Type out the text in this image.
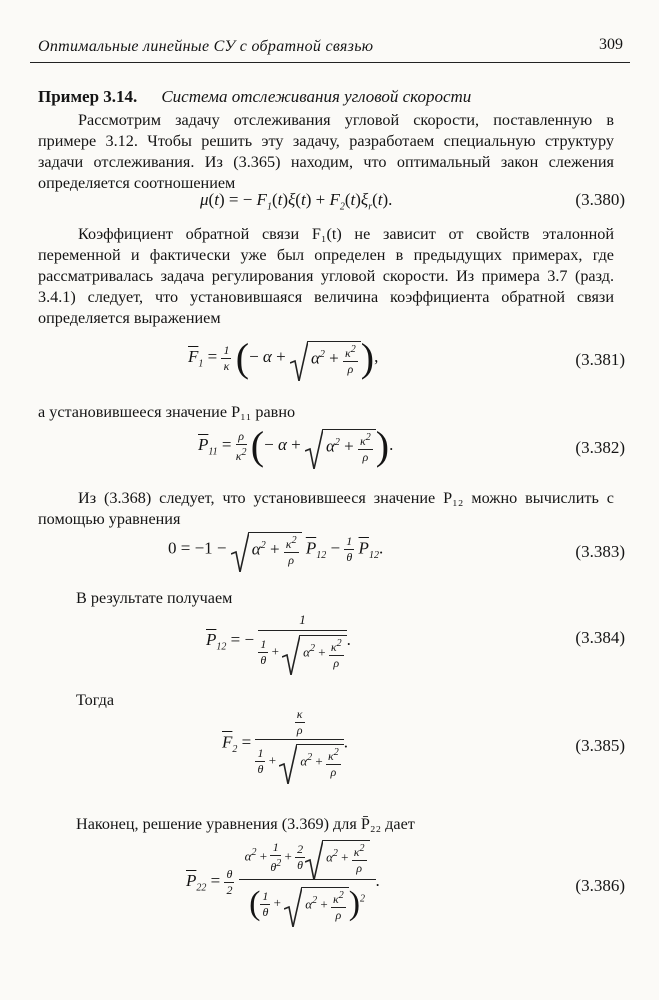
Оптимальные линейные СУ с обратной связью	309
Пример 3.14. Система отслеживания угловой скорости
Рассмотрим задачу отслеживания угловой скорости, поставленную в примере 3.12. Чтобы решить эту задачу, разработаем специальную структуру задачи отслеживания. Из (3.365) находим, что оптимальный закон слежения определяется соотношением
μ(t) = − $F_1(t)\xi(t) + F_2(t)\xi_r(t)$.	(3.380)
Коэффициент обратной связи F₁(t) не зависит от свойств эталонной переменной и фактически уже был определен в предыдущих примерах, где рассматривалась задача регулирования угловой скорости. Из примера 3.7 (разд. 3.4.1) следует, что установившаяся величина коэффициента обратной связи определяется выражением
$\overline{F}_1 = \frac{1}{\kappa}$ (− α +
$\alpha^2 + \frac{\kappa^2}{\rho}$ ),	(3.381)
а установившееся значение P₁₁ равно
$\overline{P}_{11} = \frac{\rho}{\kappa^2}$ (− α +
$\alpha^2 + \frac{\kappa^2}{\rho}$ ).	(3.382)
Из (3.368) следует, что установившееся значение P₁₂ можно вычислить с помощью уравнения
0 = −1 −
$\alpha^2 + \frac{\kappa^2}{\rho} \overline{P}_{12} - \frac{1}{\theta} \overline{P}_{12}$.	(3.383)
В результате получаем
$\overline{P}_{12}$ = − 1
$\frac{1}{\theta}$ +
$\alpha^2 + \frac{\kappa^2}{\rho}$ .	(3.384)
Тогда
$\overline{F}_2 = \frac{\kappa}{\rho}$
$\frac{1}{\theta}$ +
$\alpha^2 + \frac{\kappa^2}{\rho}$ .	(3.385)
Наконец, решение уравнения (3.369) для P̄₂₂ дает
$\overline{P}_{22} = \frac{\theta}{2}$
$\alpha^2 + \frac{1}{\theta^2} + \frac{2}{\theta} \alpha^2 + \frac{\kappa^2}{\rho}$
( $\frac{1}{\theta}$ +
$\alpha^2 + \frac{\kappa^2}{\rho} )^2$ .	(3.386)
